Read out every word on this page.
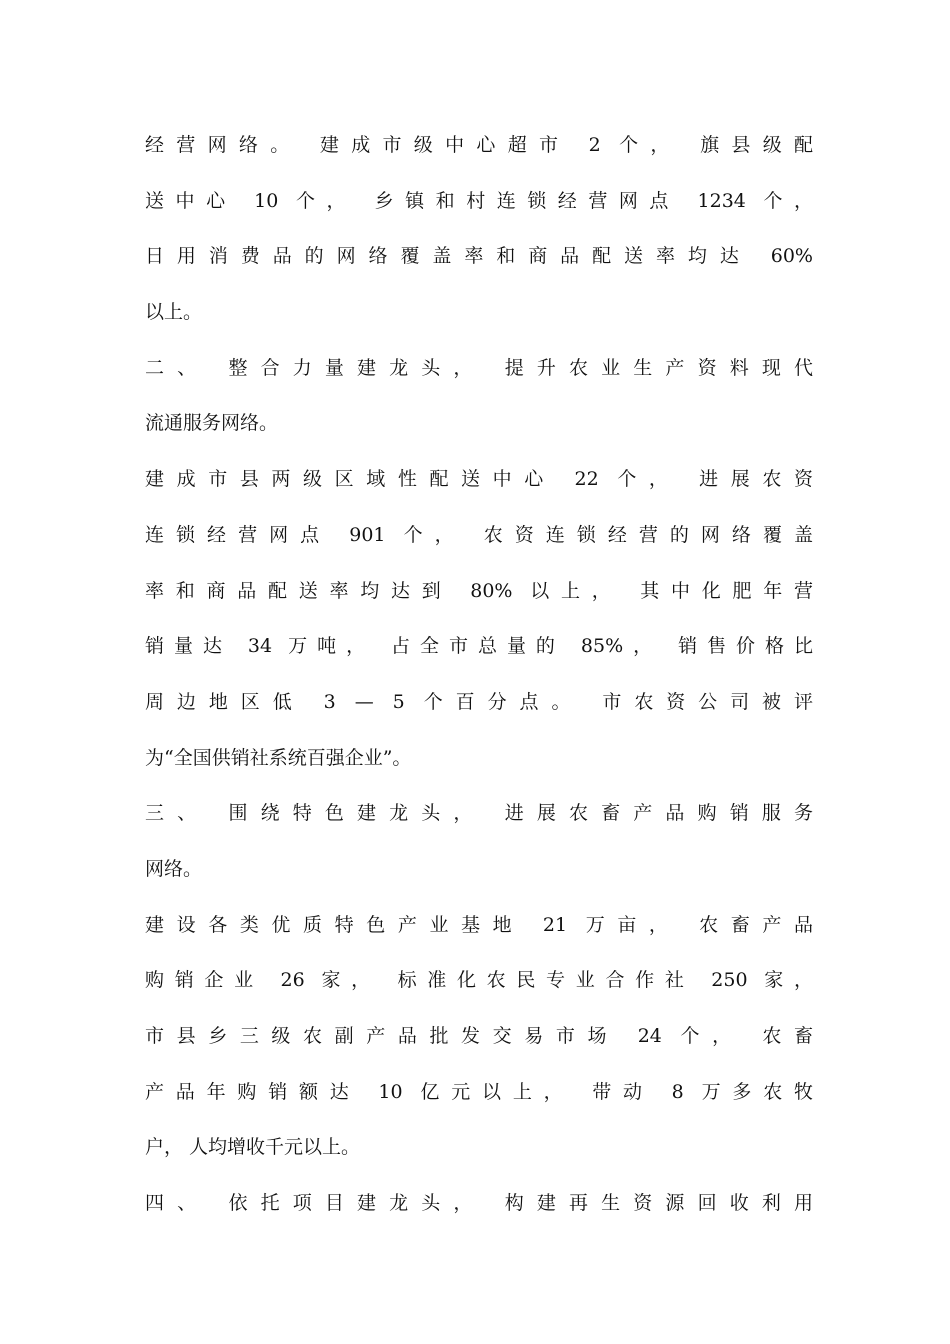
经营网络。 建成市级中心超市 2 个， 旗县级配
送中心 10 个， 乡镇和村连锁经营网点 1234 个，
日用消费品的网络覆盖率和商品配送率均达 60%
以上。
二、 整合力量建龙头， 提升农业生产资料现代
流通服务网络。
建成市县两级区域性配送中心 22 个， 进展农资
连锁经营网点 901 个， 农资连锁经营的网络覆盖
率和商品配送率均达到 80% 以上， 其中化肥年营
销量达 34 万吨， 占全市总量的 85%， 销售价格比
周边地区低 3 — 5 个百分点。 市农资公司被评
为“全国供销社系统百强企业”。
三、 围绕特色建龙头， 进展农畜产品购销服务
网络。
建设各类优质特色产业基地 21 万亩， 农畜产品
购销企业 26 家， 标准化农民专业合作社 250 家，
市县乡三级农副产品批发交易市场 24 个， 农畜
产品年购销额达 10 亿元以上， 带动 8 万多农牧
户， 人均增收千元以上。
四、 依托项目建龙头， 构建再生资源回收利用
